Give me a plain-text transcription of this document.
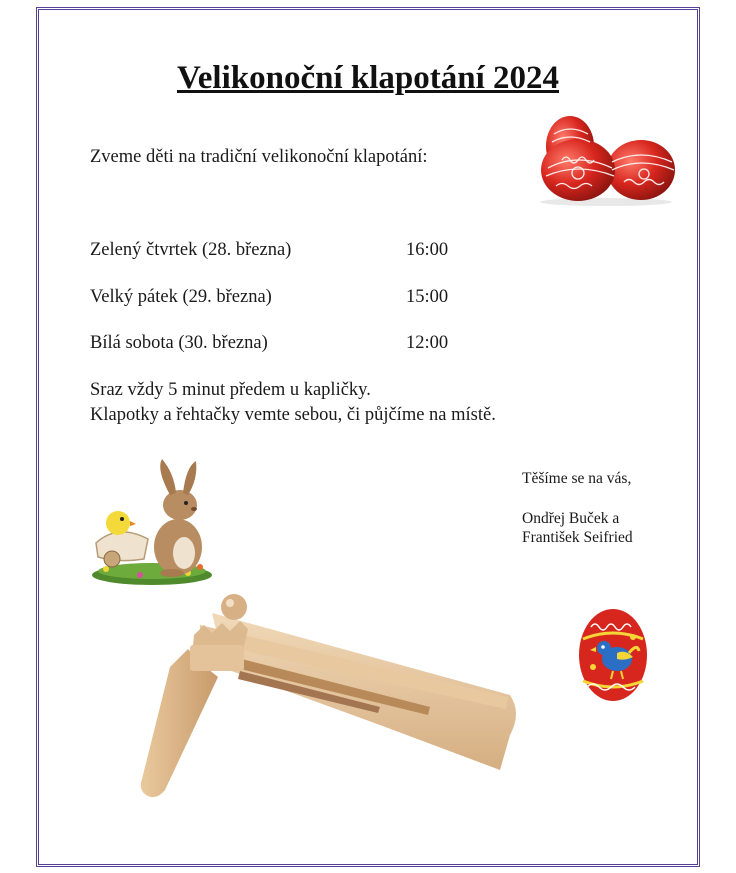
Velikonoční klapotání 2024
Zveme děti na tradiční velikonoční klapotání:
Zelený čtvrtek (28. března)	16:00
Velký pátek (29. března)	15:00
Bílá sobota (30. března)	12:00
Sraz vždy 5 minut předem u kapličky.
Klapotky a řehtačky vemte sebou, či půjčíme na místě.
Těšíme se na vás,
Ondřej Buček a
František Seifried
